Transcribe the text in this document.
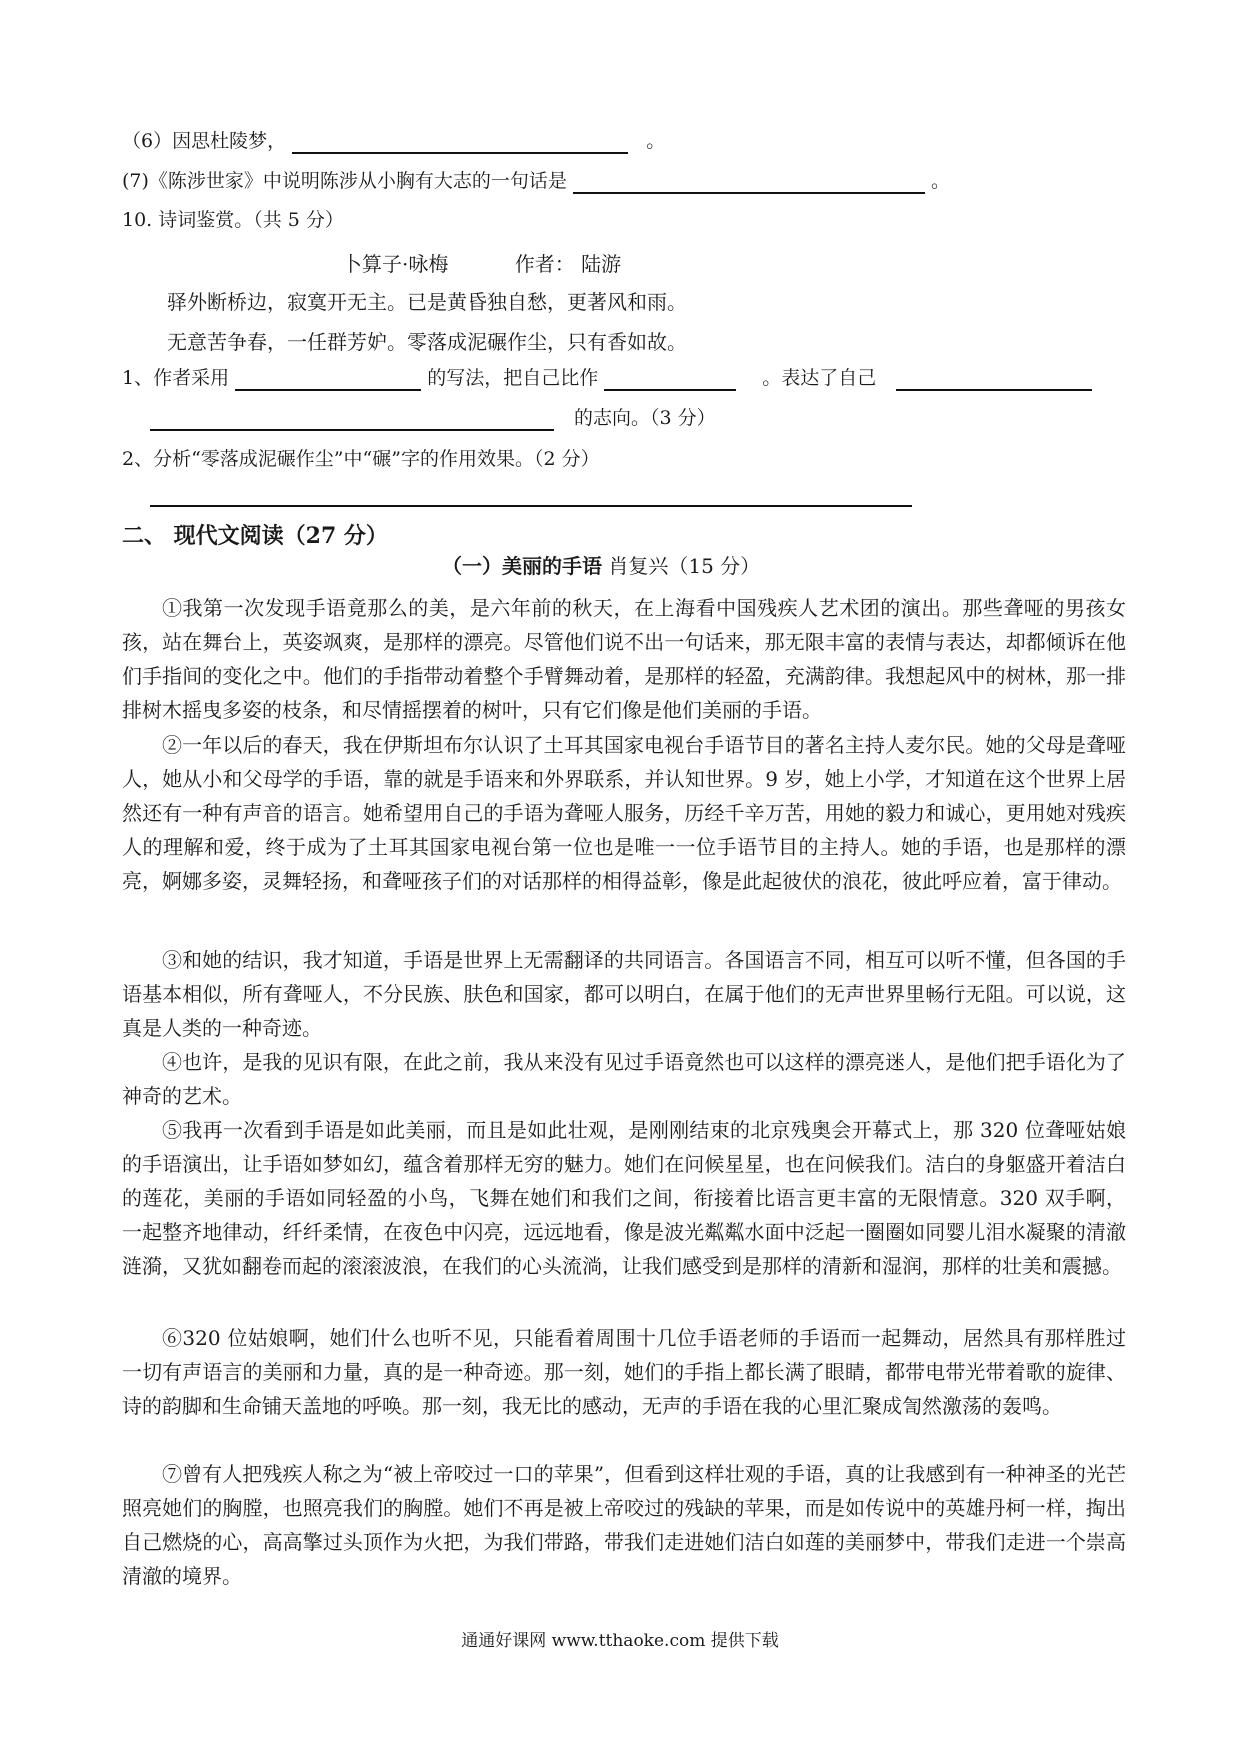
（6）因思杜陵梦，	。
(7)《陈涉世家》中说明陈涉从小胸有大志的一句话是	。
10. 诗词鉴赏。（共 5 分）
卜算子·咏梅	作者： 陆游
驿外断桥边，寂寞开无主。已是黄昏独自愁，更著风和雨。
无意苦争春，一任群芳妒。零落成泥碾作尘，只有香如故。
1、作者采用	的写法，把自己比作	。表达了自己
的志向。（3 分）
2、分析“零落成泥碾作尘”中“碾”字的作用效果。（2 分）
二、 现代文阅读（27 分）
（一）美丽的手语 肖复兴（15 分）

①我第一次发现手语竟那么的美，是六年前的秋天，在上海看中国残疾人艺术团的演出。那些聋哑的男孩女孩，站在舞台上，英姿飒爽，是那样的漂亮。尽管他们说不出一句话来，那无限丰富的表情与表达，却都倾诉在他们手指间的变化之中。他们的手指带动着整个手臂舞动着，是那样的轻盈，充满韵律。我想起风中的树林，那一排排树木摇曳多姿的枝条，和尽情摇摆着的树叶，只有它们像是他们美丽的手语。

②一年以后的春天，我在伊斯坦布尔认识了土耳其国家电视台手语节目的著名主持人麦尔民。她的父母是聋哑人，她从小和父母学的手语，靠的就是手语来和外界联系，并认知世界。9 岁，她上小学，才知道在这个世界上居然还有一种有声音的语言。她希望用自己的手语为聋哑人服务，历经千辛万苦，用她的毅力和诚心，更用她对残疾人的理解和爱，终于成为了土耳其国家电视台第一位也是唯一一位手语节目的主持人。她的手语，也是那样的漂亮，婀娜多姿，灵舞轻扬，和聋哑孩子们的对话那样的相得益彰，像是此起彼伏的浪花，彼此呼应着，富于律动。

③和她的结识，我才知道，手语是世界上无需翻译的共同语言。各国语言不同，相互可以听不懂，但各国的手语基本相似，所有聋哑人，不分民族、肤色和国家，都可以明白，在属于他们的无声世界里畅行无阻。可以说，这真是人类的一种奇迹。

④也许，是我的见识有限，在此之前，我从来没有见过手语竟然也可以这样的漂亮迷人，是他们把手语化为了神奇的艺术。

⑤我再一次看到手语是如此美丽，而且是如此壮观，是刚刚结束的北京残奥会开幕式上，那 320 位聋哑姑娘的手语演出，让手语如梦如幻，蕴含着那样无穷的魅力。她们在问候星星，也在问候我们。洁白的身躯盛开着洁白的莲花，美丽的手语如同轻盈的小鸟，飞舞在她们和我们之间，衔接着比语言更丰富的无限情意。320 双手啊，一起整齐地律动，纤纤柔情，在夜色中闪亮，远远地看，像是波光粼粼水面中泛起一圈圈如同婴儿泪水凝聚的清澈涟漪，又犹如翻卷而起的滚滚波浪，在我们的心头流淌，让我们感受到是那样的清新和湿润，那样的壮美和震撼。

⑥320 位姑娘啊，她们什么也听不见，只能看着周围十几位手语老师的手语而一起舞动，居然具有那样胜过一切有声语言的美丽和力量，真的是一种奇迹。那一刻，她们的手指上都长满了眼睛，都带电带光带着歌的旋律、诗的韵脚和生命铺天盖地的呼唤。那一刻，我无比的感动，无声的手语在我的心里汇聚成訇然激荡的轰鸣。

⑦曾有人把残疾人称之为“被上帝咬过一口的苹果”，但看到这样壮观的手语，真的让我感到有一种神圣的光芒照亮她们的胸膛，也照亮我们的胸膛。她们不再是被上帝咬过的残缺的苹果，而是如传说中的英雄丹柯一样，掏出自己燃烧的心，高高擎过头顶作为火把，为我们带路，带我们走进她们洁白如莲的美丽梦中，带我们走进一个崇高清澈的境界。

通通好课网 www.tthaoke.com 提供下载
